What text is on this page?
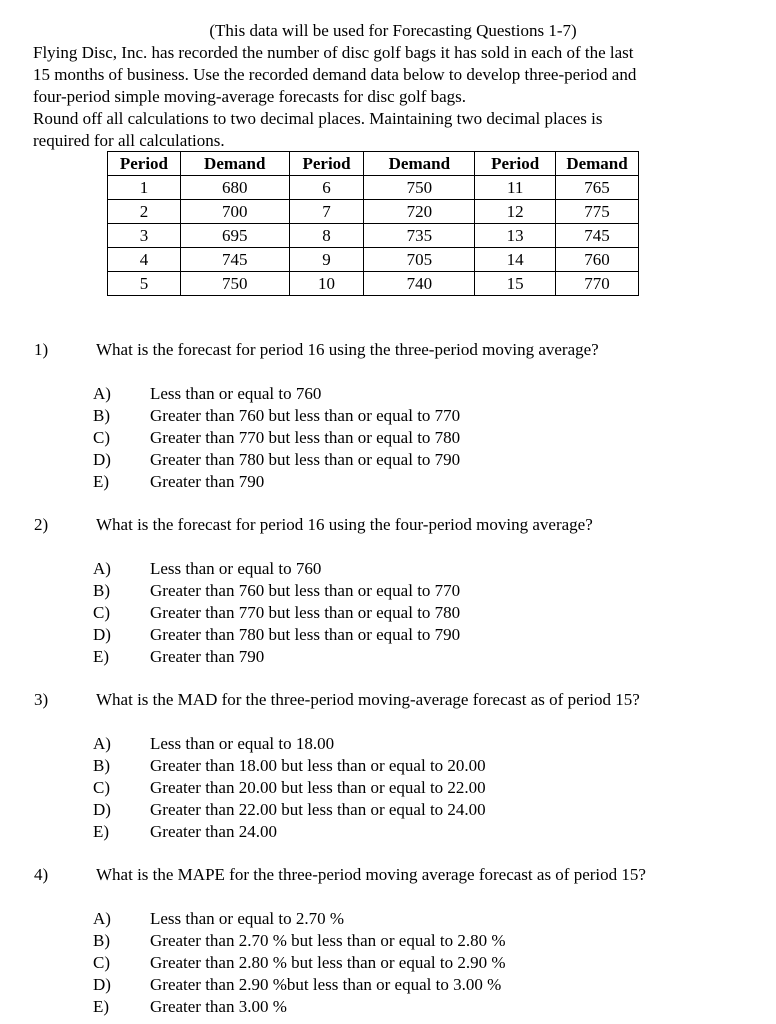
(This data will be used for Forecasting Questions 1-7)

Flying Disc, Inc. has recorded the number of disc golf bags it has sold in each of the last

15 months of business. Use the recorded demand data below to develop three-period and

four-period simple moving-average forecasts for disc golf bags.

Round off all calculations to two decimal places. Maintaining two decimal places is

required for all calculations.

Period	Demand	Period	Demand	Period	Demand
1	680	6	750	11	765
2	700	7	720	12	775
3	695	8	735	13	745
4	745	9	705	14	760
5	750	10	740	15	770
1)	What is the forecast for period 16 using the three-period moving average?
A) Less than or equal to 760
B) Greater than 760 but less than or equal to 770
C) Greater than 770 but less than or equal to 780
D) Greater than 780 but less than or equal to 790
E) Greater than 790
2)	What is the forecast for period 16 using the four-period moving average?
A) Less than or equal to 760
B) Greater than 760 but less than or equal to 770
C) Greater than 770 but less than or equal to 780
D) Greater than 780 but less than or equal to 790
E) Greater than 790
3)	What is the MAD for the three-period moving-average forecast as of period 15?
A) Less than or equal to 18.00
B) Greater than 18.00 but less than or equal to 20.00
C) Greater than 20.00 but less than or equal to 22.00
D) Greater than 22.00 but less than or equal to 24.00
E) Greater than 24.00
4)	What is the MAPE for the three-period moving average forecast as of period 15?
A) Less than or equal to 2.70 %
B) Greater than 2.70 % but less than or equal to 2.80 %
C) Greater than 2.80 % but less than or equal to 2.90 %
D) Greater than 2.90 %but less than or equal to 3.00 %
E) Greater than 3.00 %
